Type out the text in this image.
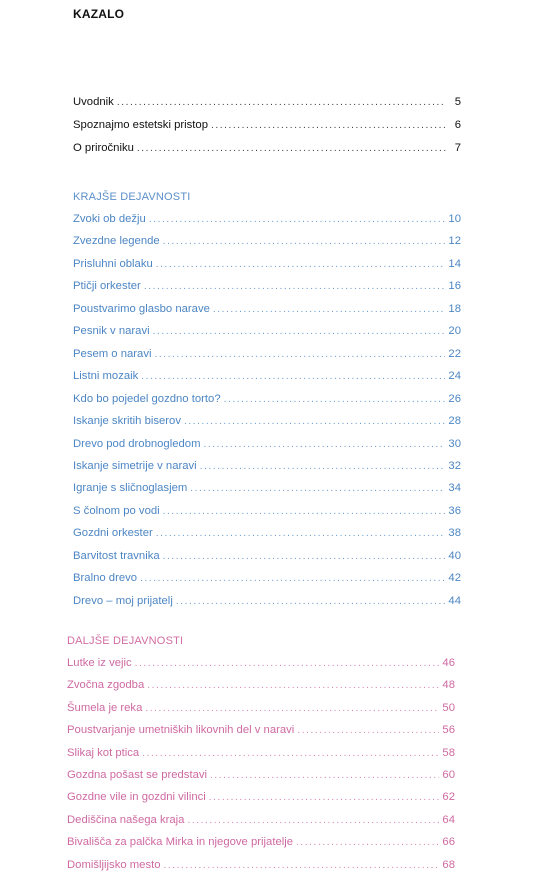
KAZALO
Uvodnik .....	5
Spoznajmo estetski pristop .....	6
O priročniku .....	7
KRAJŠE DEJAVNOSTI
Zvoki ob dežju .....	10
Zvezdne legende .....	12
Prisluhni oblaku .....	14
Ptičji orkester .....	16
Poustvarimo glasbo narave .....	18
Pesnik v naravi .....	20
Pesem o naravi .....	22
Listni mozaik .....	24
Kdo bo pojedel gozdno torto? .....	26
Iskanje skritih biserov .....	28
Drevo pod drobnogledom .....	30
Iskanje simetrije v naravi .....	32
Igranje s sličnoglasjem .....	34
S čolnom po vodi .....	36
Gozdni orkester .....	38
Barvitost travnika .....	40
Bralno drevo .....	42
Drevo – moj prijatelj .....	44
DALJŠE DEJAVNOSTI
Lutke iz vejic .....	46
Zvočna zgodba .....	48
Šumela je reka .....	50
Poustvarjanje umetniških likovnih del v naravi .....	56
Slikaj kot ptica .....	58
Gozdna pošast se predstavi .....	60
Gozdne vile in gozdni vilinci .....	62
Dediščina našega kraja .....	64
Bivališča za palčka Mirka in njegove prijatelje .....	66
Domišljijsko mesto .....	68
